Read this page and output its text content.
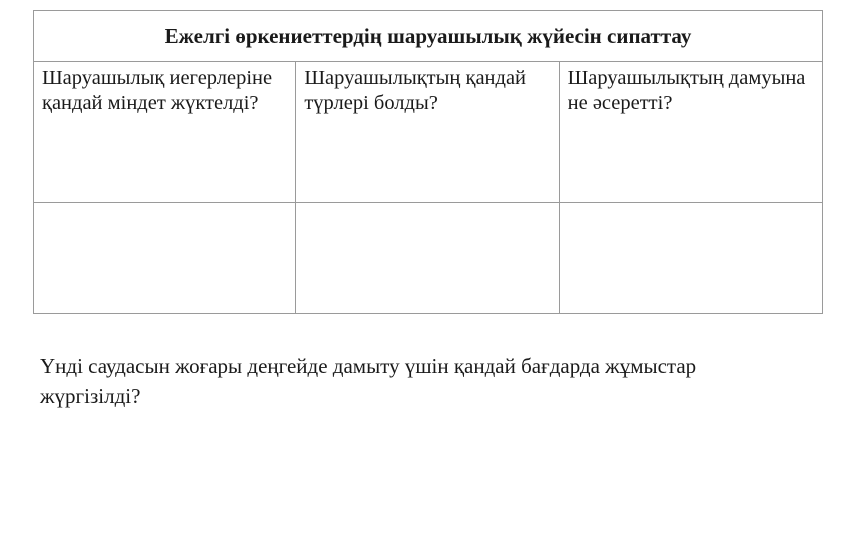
Ежелгі өркениеттердің шаруашылық жүйесін сипаттау		
Шаруашылық иегерлеріне қандай міндет жүктелді?	Шаруашылықтың қандай түрлері болды?	Шаруашылықтың дамуына не әсеретті?

Үнді саудасын жоғары деңгейде дамыту үшін қандай бағдарда жұмыстар жүргізілді?
